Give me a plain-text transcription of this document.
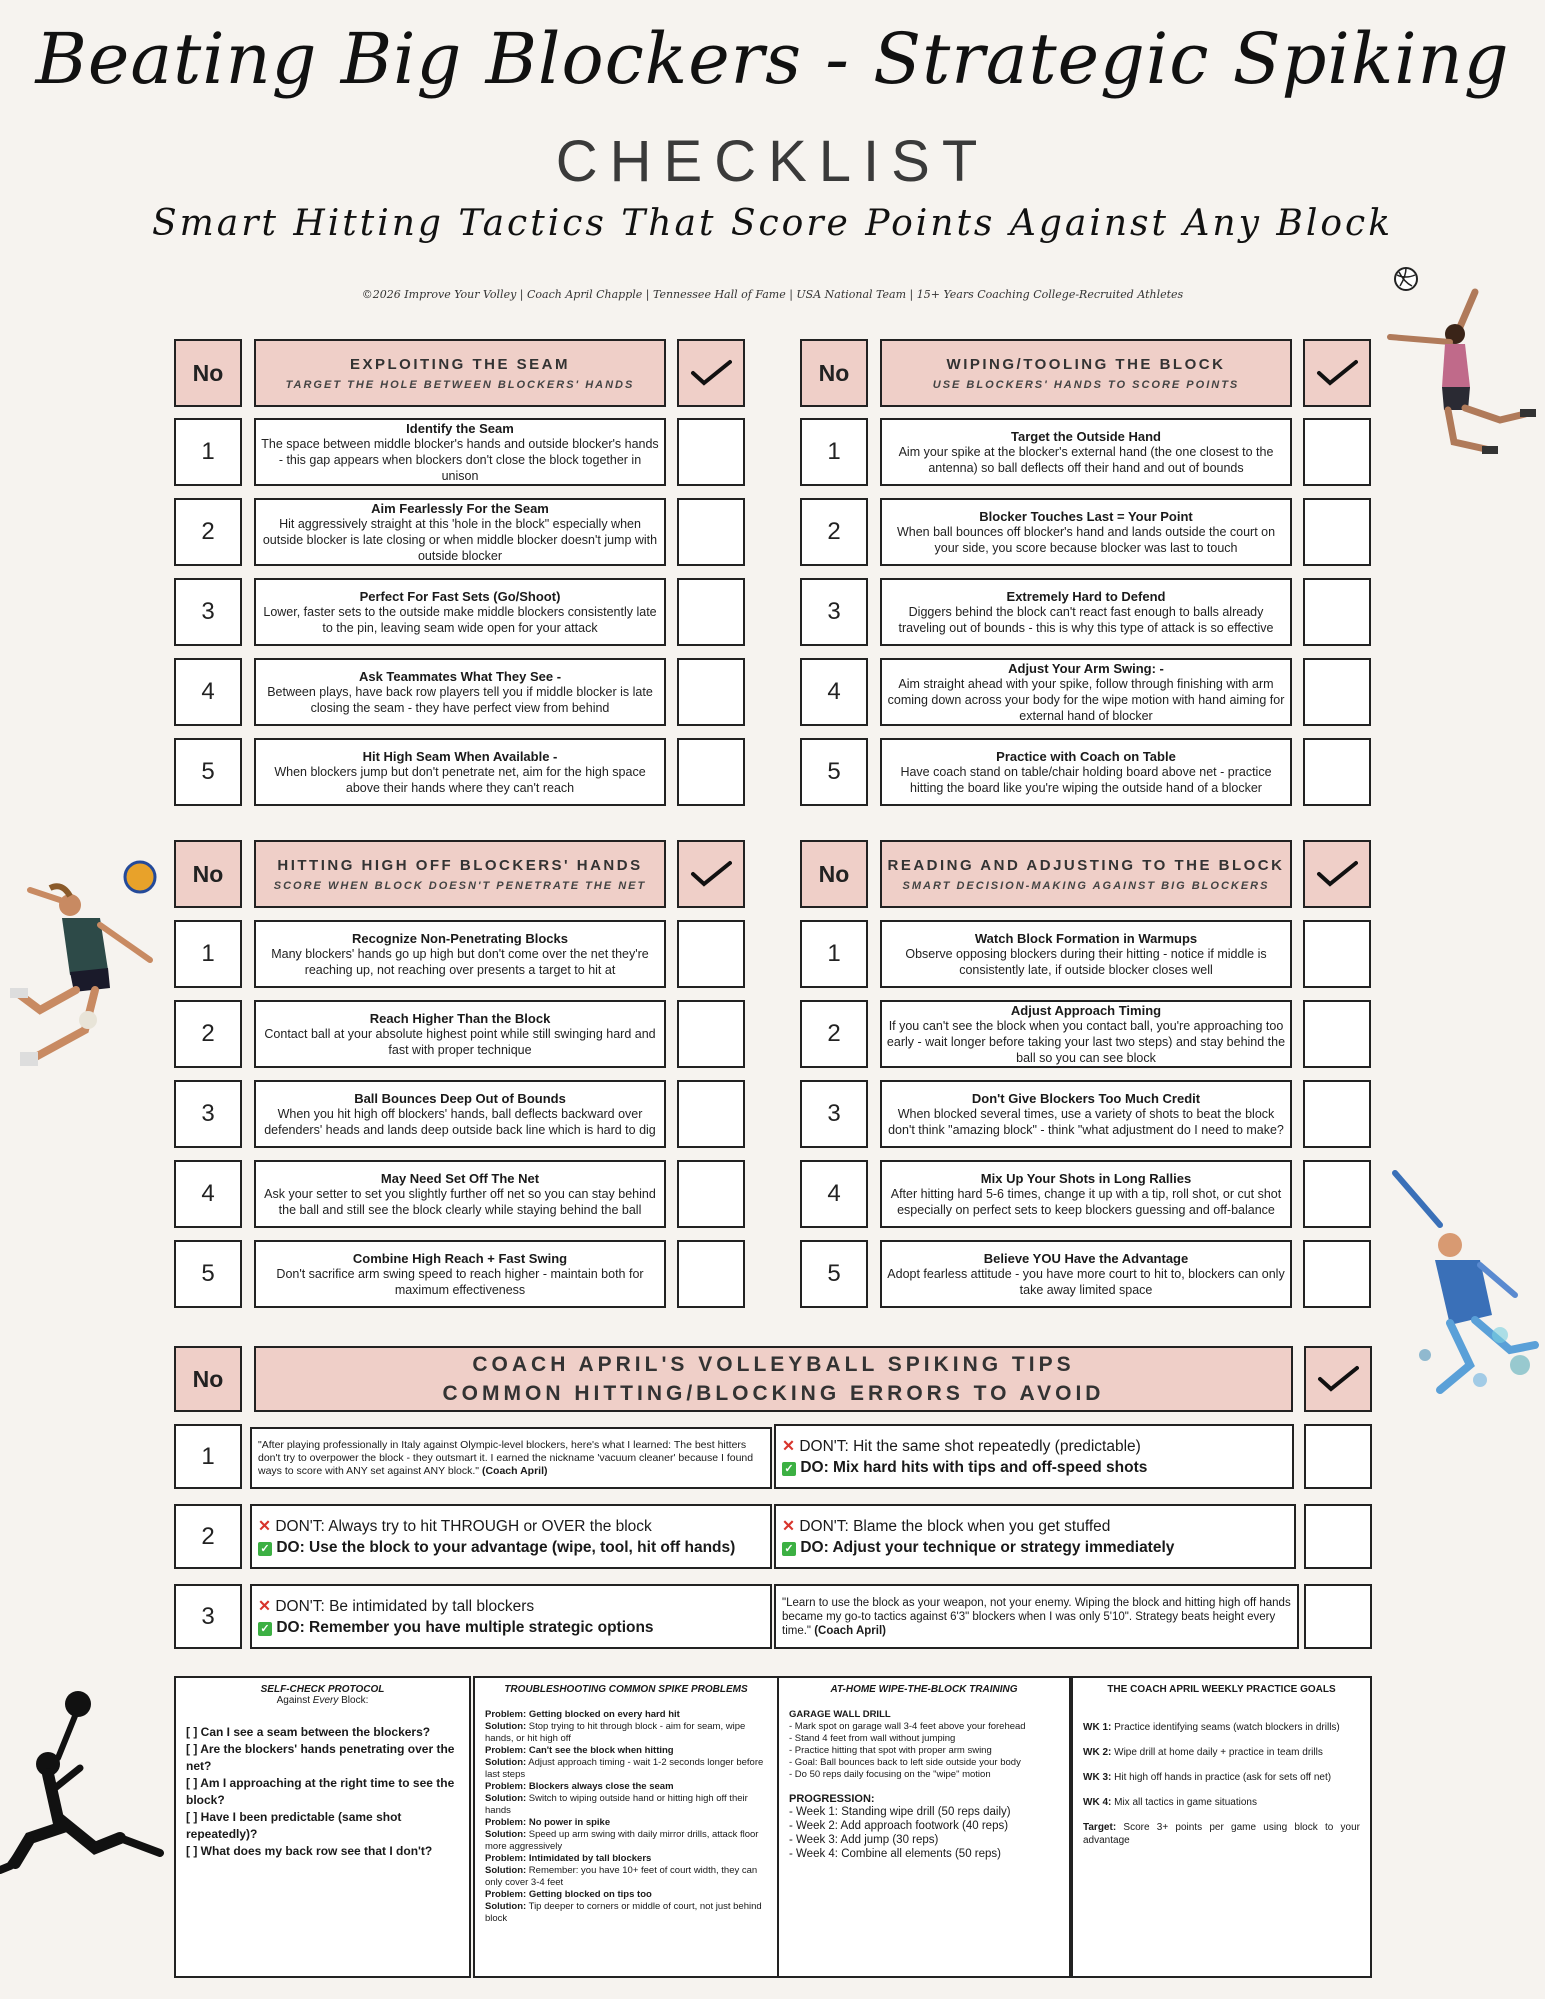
Beating Big Blockers - Strategic Spiking
CHECKLIST
Smart Hitting Tactics That Score Points Against Any Block
©2026 Improve Your Volley | Coach April Chapple | Tennessee Hall of Fame | USA National Team | 15+ Years Coaching College-Recruited Athletes
No	EXPLOITING THE SEAM
TARGET THE HOLE BETWEEN BLOCKERS' HANDS
1
Identify the Seam
The space between middle blocker's hands and outside blocker's hands - this gap appears when blockers don't close the block together in unison
2
Aim Fearlessly For the Seam
Hit aggressively straight at this 'hole in the block" especially when outside blocker is late closing or when middle blocker doesn't jump with outside blocker
3
Perfect For Fast Sets (Go/Shoot)
Lower, faster sets to the outside make middle blockers consistently late to the pin, leaving seam wide open for your attack
4
Ask Teammates What They See -
Between plays, have back row players tell you if middle blocker is late closing the seam - they have perfect view from behind
5
Hit High Seam When Available -
When blockers jump but don't penetrate net, aim for the high space above their hands where they can't reach
No	WIPING/TOOLING THE BLOCK
USE BLOCKERS' HANDS TO SCORE POINTS
1
Target the Outside Hand
Aim your spike at the blocker's external hand (the one closest to the antenna) so ball deflects off their hand and out of bounds
2
Blocker Touches Last = Your Point
When ball bounces off blocker's hand and lands outside the court on your side, you score because blocker was last to touch
3
Extremely Hard to Defend
Diggers behind the block can't react fast enough to balls already traveling out of bounds - this is why this type of attack is so effective
4
Adjust Your Arm Swing: -
Aim straight ahead with your spike, follow through finishing with arm coming down across your body for the wipe motion with hand aiming for external hand of blocker
5
Practice with Coach on Table
Have coach stand on table/chair holding board above net - practice hitting the board like you're wiping the outside hand of a blocker
No	HITTING HIGH OFF BLOCKERS' HANDS
SCORE WHEN BLOCK DOESN'T PENETRATE THE NET
1
Recognize Non-Penetrating Blocks
Many blockers' hands go up high but don't come over the net they're reaching up, not reaching over presents a target to hit at
2
Reach Higher Than the Block
Contact ball at your absolute highest point while still swinging hard and fast with proper technique
3
Ball Bounces Deep Out of Bounds
When you hit high off blockers' hands, ball deflects backward over defenders' heads and lands deep outside back line which is hard to dig
4
May Need Set Off The Net
Ask your setter to set you slightly further off net so you can stay behind the ball and still see the block clearly while staying behind the ball
5
Combine High Reach + Fast Swing
Don't sacrifice arm swing speed to reach higher - maintain both for maximum effectiveness
No	READING AND ADJUSTING TO THE BLOCK
SMART DECISION-MAKING AGAINST BIG BLOCKERS
1
Watch Block Formation in Warmups
Observe opposing blockers during their hitting - notice if middle is consistently late, if outside blocker closes well
2
Adjust Approach Timing
If you can't see the block when you contact ball, you're approaching too early - wait longer before taking your last two steps) and stay behind the ball so you can see block
3
Don't Give Blockers Too Much Credit
When blocked several times, use a variety of shots to beat the block don't think "amazing block" - think "what adjustment do I need to make?
4
Mix Up Your Shots in Long Rallies
After hitting hard 5-6 times, change it up with a tip, roll shot, or cut shot especially on perfect sets to keep blockers guessing and off-balance
5
Believe YOU Have the Advantage
Adopt fearless attitude - you have more court to hit to, blockers can only take away limited space
No
COACH APRIL'S VOLLEYBALL SPIKING TIPS
COMMON HITTING/BLOCKING ERRORS TO AVOID
1	"After playing professionally in Italy against Olympic-level blockers, here's what I learned: The best hitters don't try to overpower the block - they outsmart it. I earned the nickname 'vacuum cleaner' because I found ways to score with ANY set against ANY block." (Coach April)
✕ DON'T: Hit the same shot repeatedly (predictable)
✓ DO: Mix hard hits with tips and off-speed shots
2	✕ DON'T: Always try to hit THROUGH or OVER the block
✓ DO: Use the block to your advantage (wipe, tool, hit off hands)
✕ DON'T: Blame the block when you get stuffed
✓ DO: Adjust your technique or strategy immediately
3	✕ DON'T: Be intimidated by tall blockers
✓ DO: Remember you have multiple strategic options
"Learn to use the block as your weapon, not your enemy. Wiping the block and hitting high off hands became my go-to tactics against 6'3" blockers when I was only 5'10". Strategy beats height every time." (Coach April)
SELF-CHECK PROTOCOL
Against Every Block:
[ ] Can I see a seam between the blockers?
[ ] Are the blockers' hands penetrating over the net?
[ ] Am I approaching at the right time to see the block?
[ ] Have I been predictable (same shot repeatedly)?
[ ] What does my back row see that I don't?
TROUBLESHOOTING COMMON SPIKE PROBLEMS
Problem: Getting blocked on every hard hit
Solution: Stop trying to hit through block - aim for seam, wipe hands, or hit high off
Problem: Can't see the block when hitting
Solution: Adjust approach timing - wait 1-2 seconds longer before last steps
Problem: Blockers always close the seam
Solution: Switch to wiping outside hand or hitting high off their hands
Problem: No power in spike
Solution: Speed up arm swing with daily mirror drills, attack floor more aggressively
Problem: Intimidated by tall blockers
Solution: Remember: you have 10+ feet of court width, they can only cover 3-4 feet
Problem: Getting blocked on tips too
Solution: Tip deeper to corners or middle of court, not just behind block
AT-HOME WIPE-THE-BLOCK TRAINING
GARAGE WALL DRILL
- Mark spot on garage wall 3-4 feet above your forehead
- Stand 4 feet from wall without jumping
- Practice hitting that spot with proper arm swing
- Goal: Ball bounces back to left side outside your body
- Do 50 reps daily focusing on the "wipe" motion
PROGRESSION:
- Week 1: Standing wipe drill (50 reps daily)
- Week 2: Add approach footwork (40 reps)
- Week 3: Add jump (30 reps)
- Week 4: Combine all elements (50 reps)
THE COACH APRIL WEEKLY PRACTICE GOALS
WK 1: Practice identifying seams (watch blockers in drills)
WK 2: Wipe drill at home daily + practice in team drills
WK 3: Hit high off hands in practice (ask for sets off net)
WK 4: Mix all tactics in game situations
Target: Score 3+ points per game using block to your advantage
